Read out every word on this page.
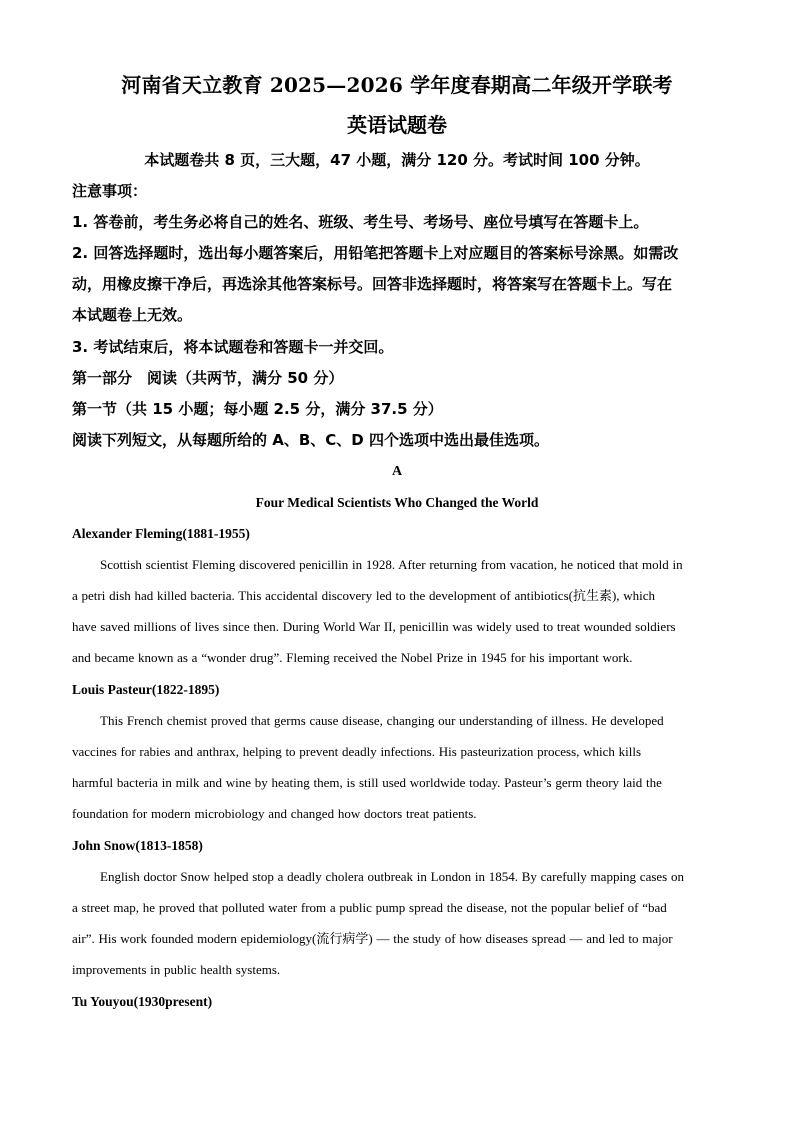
河南省天立教育 2025—2026 学年度春期高二年级开学联考
英语试题卷
本试题卷共 8 页，三大题，47 小题，满分 120 分。考试时间 100 分钟。
注意事项：
1. 答卷前，考生务必将自己的姓名、班级、考生号、考场号、座位号填写在答题卡上。
2. 回答选择题时，选出每小题答案后，用铅笔把答题卡上对应题目的答案标号涂黑。如需改
动，用橡皮擦干净后，再选涂其他答案标号。回答非选择题时，将答案写在答题卡上。写在
本试题卷上无效。
3. 考试结束后，将本试题卷和答题卡一并交回。
第一部分　阅读（共两节，满分 50 分）
第一节（共 15 小题；每小题 2.5 分，满分 37.5 分）
阅读下列短文，从每题所给的 A、B、C、D 四个选项中选出最佳选项。
A
Four Medical Scientists Who Changed the World
Alexander Fleming(1881-1955)
Scottish scientist Fleming discovered penicillin in 1928. After returning from vacation, he noticed that mold in
a petri dish had killed bacteria. This accidental discovery led to the development of antibiotics(抗生素), which
have saved millions of lives since then. During World War II, penicillin was widely used to treat wounded soldiers
and became known as a “wonder drug”. Fleming received the Nobel Prize in 1945 for his important work.
Louis Pasteur(1822-1895)
This French chemist proved that germs cause disease, changing our understanding of illness. He developed
vaccines for rabies and anthrax, helping to prevent deadly infections. His pasteurization process, which kills
harmful bacteria in milk and wine by heating them, is still used worldwide today. Pasteur’s germ theory laid the
foundation for modern microbiology and changed how doctors treat patients.
John Snow(1813-1858)
English doctor Snow helped stop a deadly cholera outbreak in London in 1854. By carefully mapping cases on
a street map, he proved that polluted water from a public pump spread the disease, not the popular belief of “bad
air”. His work founded modern epidemiology(流行病学) — the study of how diseases spread — and led to major
improvements in public health systems.
Tu Youyou(1930present)
